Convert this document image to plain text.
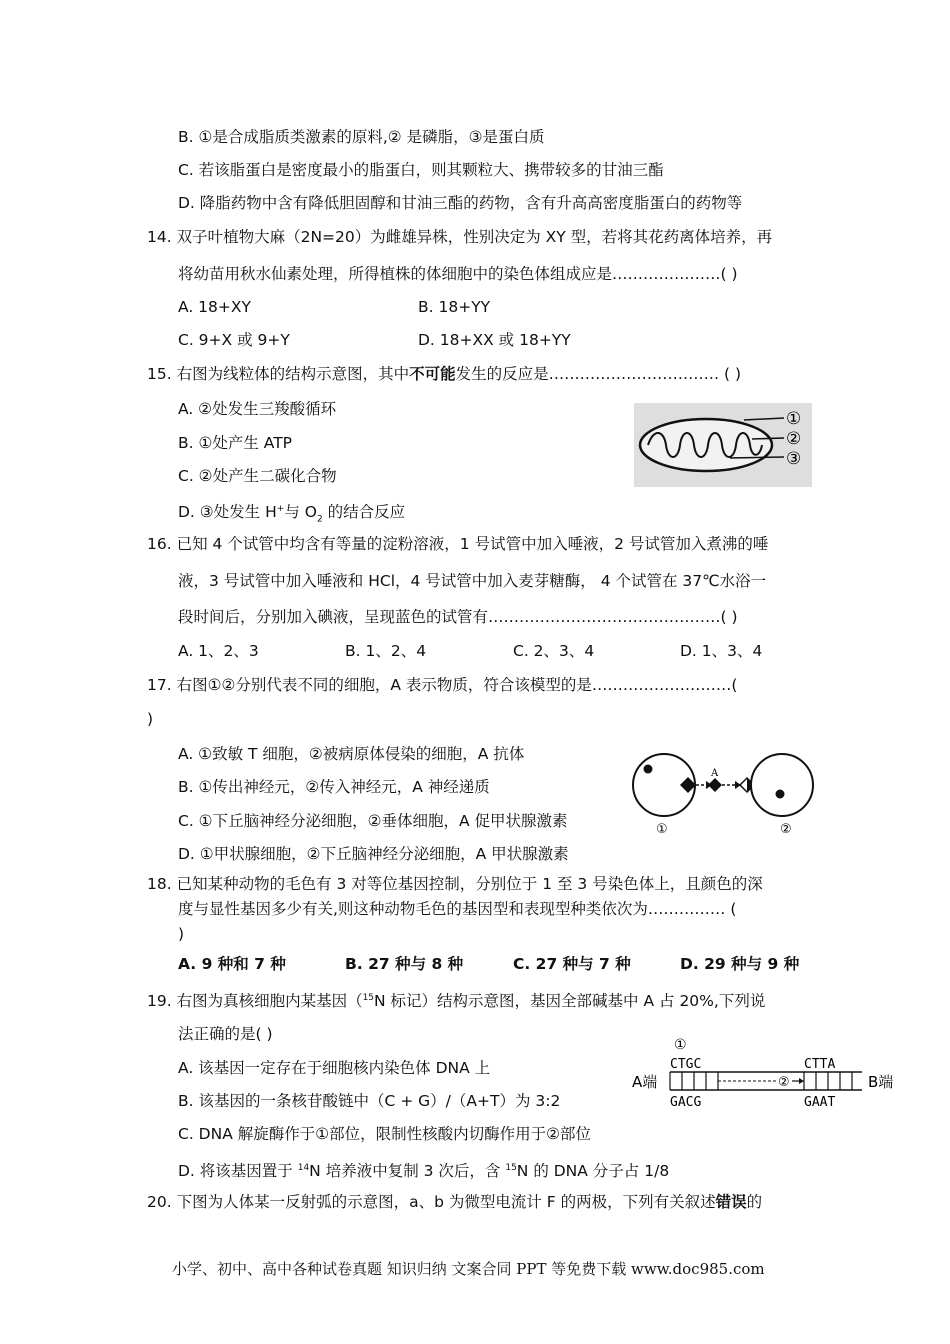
B. ①是合成脂质类激素的原料,② 是磷脂，③是蛋白质
C. 若该脂蛋白是密度最小的脂蛋白，则其颗粒大、携带较多的甘油三酯
D. 降脂药物中含有降低胆固醇和甘油三酯的药物，含有升高高密度脂蛋白的药物等
14. 双子叶植物大麻（2N=20）为雌雄异株，性别决定为 XY 型，若将其花药离体培养，再
将幼苗用秋水仙素处理，所得植株的体细胞中的染色体组成应是…………………( )
A. 18+XY	B. 18+YY
C. 9+X 或 9+Y	D. 18+XX 或 18+YY
15. 右图为线粒体的结构示意图，其中不可能发生的反应是…………………………… ( )
A. ②处发生三羧酸循环
B. ①处产生 ATP
C. ②处产生二碳化合物
D. ③处发生 H+与 $O_2$ 的结合反应
①
②
③
16. 已知 4 个试管中均含有等量的淀粉溶液，1 号试管中加入唾液，2 号试管加入煮沸的唾
液，3 号试管中加入唾液和 HCl，4 号试管中加入麦芽糖酶， 4 个试管在 37℃水浴一
段时间后，分别加入碘液，呈现蓝色的试管有………………………………………( )
A. 1、2、3	B. 1、2、4	C. 2、3、4	D. 1、3、4
17. 右图①②分别代表不同的细胞，A 表示物质，符合该模型的是………………………(
)
A. ①致敏 T 细胞，②被病原体侵染的细胞，A 抗体
B. ①传出神经元，②传入神经元，A 神经递质
C. ①下丘脑神经分泌细胞，②垂体细胞，A 促甲状腺激素
D. ①甲状腺细胞，②下丘脑神经分泌细胞，A 甲状腺激素
A
①	②
18. 已知某种动物的毛色有 3 对等位基因控制，分别位于 1 至 3 号染色体上，且颜色的深
度与显性基因多少有关,则这种动物毛色的基因型和表现型种类依次为…………… (
)
A. 9 种和 7 种	B. 27 种与 8 种	C. 27 种与 7 种	D. 29 种与 9 种
19. 右图为真核细胞内某基因（$^{15}$N 标记）结构示意图，基因全部碱基中 A 占 20%,下列说
法正确的是( )
A. 该基因一定存在于细胞核内染色体 DNA 上
B. 该基因的一条核苷酸链中（C + G）/（A+T）为 3:2
C. DNA 解旋酶作于①部位，限制性核酸内切酶作用于②部位
D. 将该基因置于 $^{14}$N 培养液中复制 3 次后，含 $^{15}$N 的 DNA 分子占 1/8
A端	B端
①
CTGC	CTTA
②
GACG	GAAT
20. 下图为人体某一反射弧的示意图，a、b 为微型电流计 F 的两极，下列有关叙述错误的
小学、初中、高中各种试卷真题 知识归纳 文案合同 PPT 等免费下载 www.doc985.com
